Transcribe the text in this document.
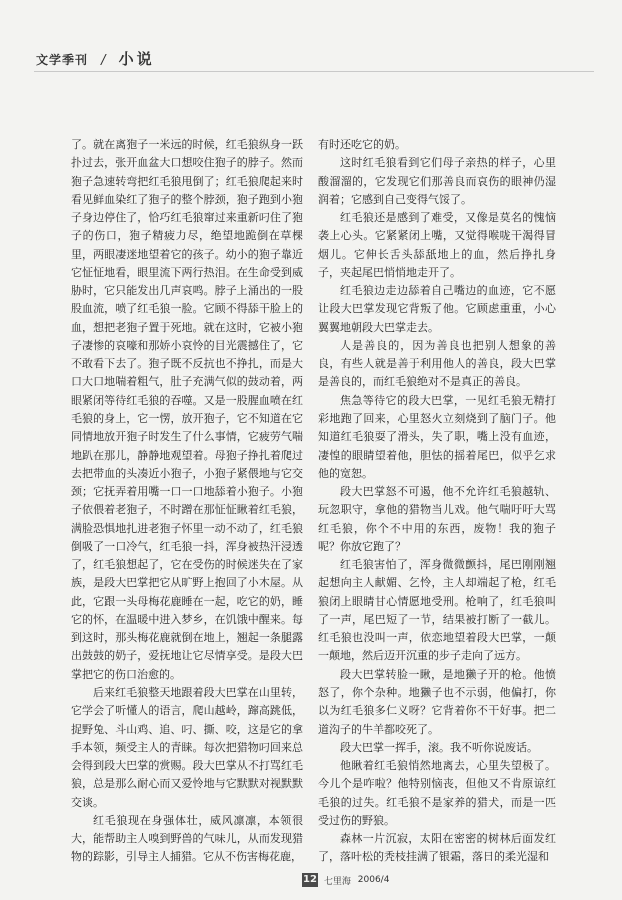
文学季刊 / 小说

了。就在离狍子一米远的时候，红毛狼纵身一跃扑过去，张开血盆大口想咬住狍子的脖子。然而狍子急速转弯把红毛狼甩倒了；红毛狼爬起来时看见鲜血染红了狍子的整个脖颈，狍子跑到小狍子身边停住了，恰巧红毛狼窜过来重新叼住了狍子的伤口，狍子精疲力尽，绝望地跪倒在草棵里，两眼凄迷地望着它的孩子。幼小的狍子靠近它怔怔地看，眼里流下两行热泪。在生命受到威胁时，它只能发出几声哀鸣。脖子上涌出的一股股血流，喷了红毛狼一脸。它顾不得舔干脸上的血，想把老狍子置于死地。就在这时，它被小狍子凄惨的哀嚎和那娇小哀怜的目光震撼住了，它不敢看下去了。狍子既不反抗也不挣扎，而是大口大口地喘着粗气，肚子充满气似的鼓动着，两眼紧闭等待红毛狼的吞噬。又是一股腥血喷在红毛狼的身上，它一愣，放开狍子，它不知道在它同情地放开狍子时发生了什么事情，它疲劳气喘地趴在那儿，静静地观望着。母狍子挣扎着爬过去把带血的头凑近小狍子，小狍子紧偎地与它交颈；它抚弄着用嘴一口一口地舔着小狍子。小狍子依偎着老狍子，不时蹭在那怔怔瞅着红毛狼，满脸恐惧地扎进老狍子怀里一动不动了，红毛狼倒吸了一口冷气，红毛狼一抖，浑身被热汗浸透了，红毛狼想起了，它在受伤的时候迷失在了家族，是段大巴掌把它从旷野上抱回了小木屋。从此，它跟一头母梅花鹿睡在一起，吃它的奶，睡它的怀，在温暖中进入梦乡，在饥饿中醒来。每到这时，那头梅花鹿就倒在地上，翘起一条腿露出鼓鼓的奶子，爱抚地让它尽情享受。是段大巴掌把它的伤口治愈的。

后来红毛狼整天地跟着段大巴掌在山里转，它学会了听懂人的语言，爬山越岭，蹿高跳低，捉野兔、斗山鸡、追、叼、撕、咬，这是它的拿手本领，频受主人的青睐。每次把猎物叼回来总会得到段大巴掌的赏赐。段大巴掌从不打骂红毛狼，总是那么耐心而又爱怜地与它默默对视默默交谈。

红毛狼现在身强体壮，威风凛凛，本领很大，能帮助主人嗅到野兽的气味儿，从而发现猎物的踪影，引导主人捕猎。它从不伤害梅花鹿，

有时还吃它的奶。

这时红毛狼看到它们母子亲热的样子，心里酸溜溜的，它发现它们那善良而哀伤的眼神仍湿润着；它感到自己变得气馁了。

红毛狼还是感到了难受，又像是莫名的愧恼袭上心头。它紧紧闭上嘴，又觉得喉咙干渴得冒烟儿。它伸长舌头舔舐地上的血，然后挣扎身子，夹起尾巴悄悄地走开了。

红毛狼边走边舔着自己嘴边的血迹，它不愿让段大巴掌发现它背叛了他。它顾虑重重，小心翼翼地朝段大巴掌走去。

人是善良的，因为善良也把别人想象的善良，有些人就是善于利用他人的善良，段大巴掌是善良的，而红毛狼绝对不是真正的善良。

焦急等待它的段大巴掌，一见红毛狼无精打彩地跑了回来，心里怒火立刻烧到了脑门子。他知道红毛狼耍了滑头，失了职，嘴上没有血迹，凄惶的眼睛望着他，胆怯的摇着尾巴，似乎乞求他的宽恕。

段大巴掌怒不可遏，他不允许红毛狼越轨、玩忽职守，拿他的猎物当儿戏。他气喘吁吁大骂红毛狼，你个不中用的东西，废物！我的狍子呢？你放它跑了？

红毛狼害怕了，浑身微微颤抖，尾巴刚刚翘起想向主人献媚、乞怜，主人却端起了枪，红毛狼闭上眼睛甘心情愿地受刑。枪响了，红毛狼叫了一声，尾巴短了一节，结果被打断了一截儿。红毛狼也没叫一声，依恋地望着段大巴掌，一颠一颠地，然后迈开沉重的步子走向了远方。

段大巴掌转脸一瞅，是地獭子开的枪。他愤怒了，你个杂种。地獭子也不示弱，他偏打，你以为红毛狼多仁义呀？它背着你不干好事。把二道沟子的牛羊都咬死了。

段大巴掌一挥手，滚。我不听你说废话。

他瞅着红毛狼悄然地离去，心里失望极了。今儿个是咋啦？他特别恼丧，但他又不肯原谅红毛狼的过失。红毛狼不是家养的猎犬，而是一匹受过伤的野狼。

森林一片沉寂，太阳在密密的树林后面发红了，落叶松的秃枝挂满了银霜，落日的柔光湿和

12 七里海 2006/4
